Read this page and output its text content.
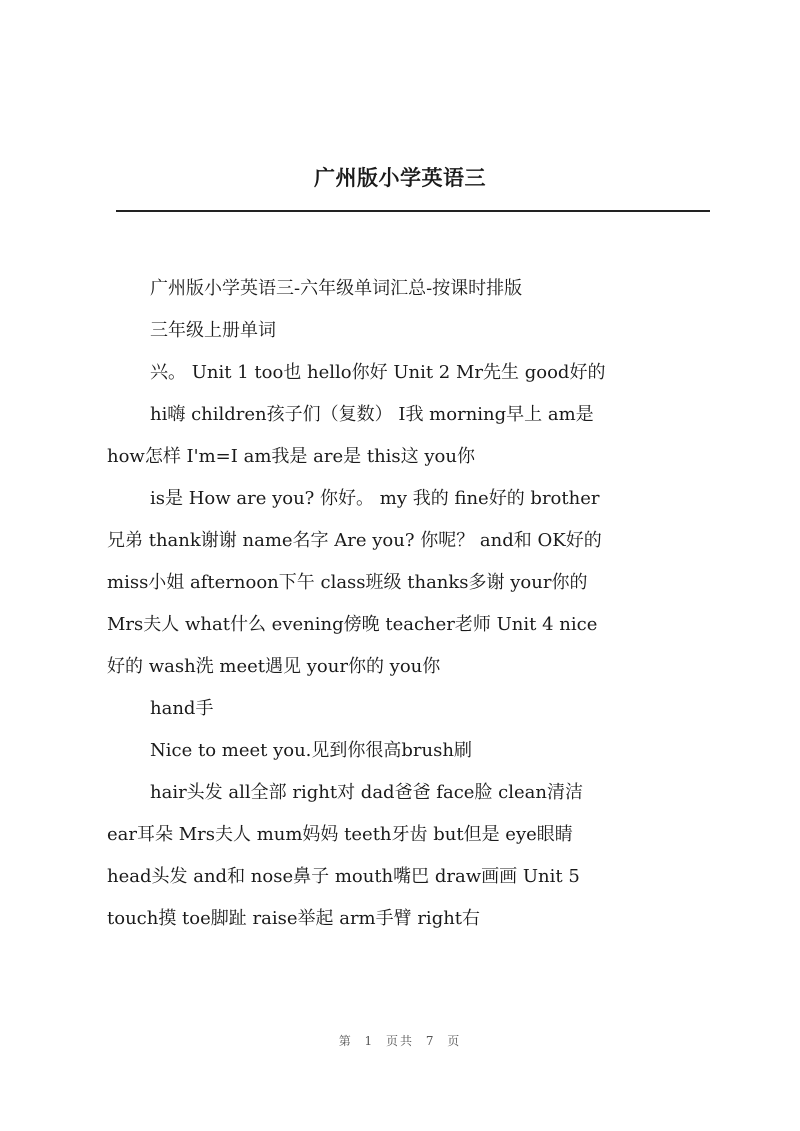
广州版小学英语三

广州版小学英语三-六年级单词汇总-按课时排版

三年级上册单词

兴。 Unit 1 too也 hello你好 Unit 2 Mr先生 good好的

hi嗨 children孩子们（复数） I我 morning早上 am是

how怎样 I'm=I am我是 are是 this这 you你

is是 How are you? 你好。 my 我的 fine好的 brother

兄弟 thank谢谢 name名字 Are you? 你呢？ and和 OK好的

miss小姐 afternoon下午 class班级 thanks多谢 your你的

Mrs夫人 what什么 evening傍晚 teacher老师 Unit 4 nice

好的 wash洗 meet遇见 your你的 you你

hand手

Nice to meet you.见到你很高brush刷

hair头发 all全部 right对 dad爸爸 face脸 clean清洁

ear耳朵 Mrs夫人 mum妈妈 teeth牙齿 but但是 eye眼睛

head头发 and和 nose鼻子 mouth嘴巴 draw画画 Unit 5

touch摸 toe脚趾 raise举起 arm手臂 right右

第 1 页共 7 页
